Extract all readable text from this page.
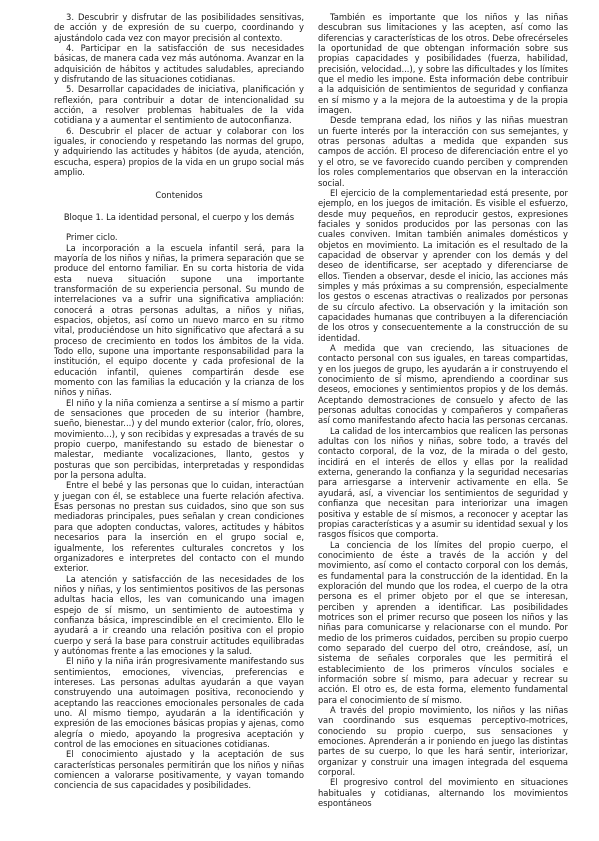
3. Descubrir y disfrutar de las posibilidades sensitivas, de acción y de expresión de su cuerpo, coordinando y ajustándolo cada vez con mayor precisión al contexto.

4. Participar en la satisfacción de sus necesidades básicas, de manera cada vez más autónoma. Avanzar en la adquisición de hábitos y actitudes saludables, apreciando y disfrutando de las situaciones cotidianas.

5. Desarrollar capacidades de iniciativa, planificación y reflexión, para contribuir a dotar de intencionalidad su acción, a resolver problemas habituales de la vida cotidiana y a aumentar el sentimiento de autoconfianza.

6. Descubrir el placer de actuar y colaborar con los iguales, ir conociendo y respetando las normas del grupo, y adquiriendo las actitudes y hábitos (de ayuda, atención, escucha, espera) propios de la vida en un grupo social más amplio.

Contenidos

Bloque 1. La identidad personal, el cuerpo y los demás

Primer ciclo.

La incorporación a la escuela infantil será, para la mayoría de los niños y niñas, la primera separación que se produce del entorno familiar. En su corta historia de vida esta nueva situación supone una importante transformación de su experiencia personal. Su mundo de interrelaciones va a sufrir una significativa ampliación: conocerá a otras personas adultas, a niños y niñas, espacios, objetos, así como un nuevo marco en su ritmo vital, produciéndose un hito significativo que afectará a su proceso de crecimiento en todos los ámbitos de la vida. Todo ello, supone una importante responsabilidad para la institución, el equipo docente y cada profesional de la educación infantil, quienes compartirán desde ese momento con las familias la educación y la crianza de los niños y niñas.

El niño y la niña comienza a sentirse a sí mismo a partir de sensaciones que proceden de su interior (hambre, sueño, bienestar...) y del mundo exterior (calor, frío, olores, movimiento...), y son recibidas y expresadas a través de su propio cuerpo, manifestando su estado de bienestar o malestar, mediante vocalizaciones, llanto, gestos y posturas que son percibidas, interpretadas y respondidas por la persona adulta.

Entre el bebé y las personas que lo cuidan, interactúan y juegan con él, se establece una fuerte relación afectiva. Esas personas no prestan sus cuidados, sino que son sus mediadoras principales, pues señalan y crean condiciones para que adopten conductas, valores, actitudes y hábitos necesarios para la inserción en el grupo social e, igualmente, los referentes culturales concretos y los organizadores e interpretes del contacto con el mundo exterior.

La atención y satisfacción de las necesidades de los niños y niñas, y los sentimientos positivos de las personas adultas hacia ellos, les van comunicando una imagen espejo de sí mismo, un sentimiento de autoestima y confianza básica, imprescindible en el crecimiento. Ello le ayudará a ir creando una relación positiva con el propio cuerpo y será la base para construir actitudes equilibradas y autónomas frente a las emociones y la salud.

El niño y la niña irán progresivamente manifestando sus sentimientos, emociones, vivencias, preferencias e intereses. Las personas adultas ayudarán a que vayan construyendo una autoimagen positiva, reconociendo y aceptando las reacciones emocionales personales de cada uno. Al mismo tiempo, ayudarán a la identificación y expresión de las emociones básicas propias y ajenas, como alegría o miedo, apoyando la progresiva aceptación y control de las emociones en situaciones cotidianas.

El conocimiento ajustado y la aceptación de sus características personales permitirán que los niños y niñas comiencen a valorarse positivamente, y vayan tomando conciencia de sus capacidades y posibilidades.

También es importante que los niños y las niñas descubran sus limitaciones y las acepten, así como las diferencias y características de los otros. Debe ofrecérseles la oportunidad de que obtengan información sobre sus propias capacidades y posibilidades (fuerza, habilidad, precisión, velocidad...), y sobre las dificultades y los límites que el medio les impone. Esta información debe contribuir a la adquisición de sentimientos de seguridad y confianza en sí mismo y a la mejora de la autoestima y de la propia imagen.

Desde temprana edad, los niños y las niñas muestran un fuerte interés por la interacción con sus semejantes, y otras personas adultas a medida que expanden sus campos de acción. El proceso de diferenciación entre el yo y el otro, se ve favorecido cuando perciben y comprenden los roles complementarios que observan en la interacción social.

El ejercicio de la complementariedad está presente, por ejemplo, en los juegos de imitación. Es visible el esfuerzo, desde muy pequeños, en reproducir gestos, expresiones faciales y sonidos producidos por las personas con las cuales conviven. Imitan también animales domésticos y objetos en movimiento. La imitación es el resultado de la capacidad de observar y aprender con los demás y del deseo de identificarse, ser aceptado y diferenciarse de ellos. Tienden a observar, desde el inicio, las acciones más simples y más próximas a su comprensión, especialmente los gestos o escenas atractivas o realizados por personas de su círculo afectivo. La observación y la imitación son capacidades humanas que contribuyen a la diferenciación de los otros y consecuentemente a la construcción de su identidad.

A medida que van creciendo, las situaciones de contacto personal con sus iguales, en tareas compartidas, y en los juegos de grupo, les ayudarán a ir construyendo el conocimiento de sí mismo, aprendiendo a coordinar sus deseos, emociones y sentimientos propios y de los demás. Aceptando demostraciones de consuelo y afecto de las personas adultas conocidas y compañeros y compañeras así como manifestando afecto hacia las personas cercanas.

La calidad de los intercambios que realicen las personas adultas con los niños y niñas, sobre todo, a través del contacto corporal, de la voz, de la mirada o del gesto, incidirá en el interés de ellos y ellas por la realidad externa, generando la confianza y la seguridad necesarias para arriesgarse a intervenir activamente en ella. Se ayudará, así, a vivenciar los sentimientos de seguridad y confianza que necesitan para interiorizar una imagen positiva y estable de sí mismos, a reconocer y aceptar las propias características y a asumir su identidad sexual y los rasgos físicos que comporta.

La conciencia de los límites del propio cuerpo, el conocimiento de éste a través de la acción y del movimiento, así como el contacto corporal con los demás, es fundamental para la construcción de la identidad. En la exploración del mundo que los rodea, el cuerpo de la otra persona es el primer objeto por el que se interesan, perciben y aprenden a identificar. Las posibilidades motrices son el primer recurso que poseen los niños y las niñas para comunicarse y relacionarse con el mundo. Por medio de los primeros cuidados, perciben su propio cuerpo como separado del cuerpo del otro, creándose, así, un sistema de señales corporales que les permitirá el establecimiento de los primeros vínculos sociales e información sobre sí mismo, para adecuar y recrear su acción. El otro es, de esta forma, elemento fundamental para el conocimiento de sí mismo.

A través del propio movimiento, los niños y las niñas van coordinando sus esquemas perceptivo-motrices, conociendo su propio cuerpo, sus sensaciones y emociones. Aprenderán a ir poniendo en juego las distintas partes de su cuerpo, lo que les hará sentir, interiorizar, organizar y construir una imagen integrada del esquema corporal.

El progresivo control del movimiento en situaciones habituales y cotidianas, alternando los movimientos espontáneos
